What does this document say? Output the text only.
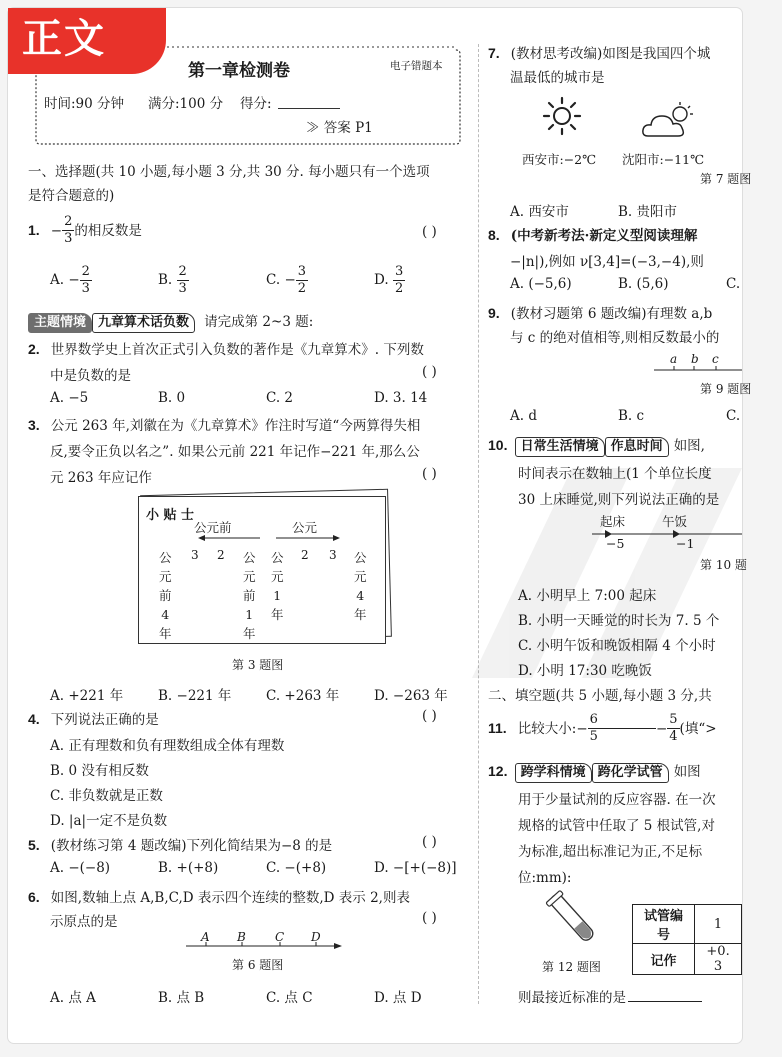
正文
第一章检测卷	电子错题本
时间:90 分钟 满分:100 分 得分:
≫ 答案 P1
一、选择题(共 10 小题,每小题 3 分,共 30 分. 每小题只有一个选项
是符合题意的)
1. − $\frac{2}{3}$ 的相反数是	( )
A. − $\frac{2}{3}$	B. $\frac{2}{3}$	C. − $\frac{3}{2}$	D. $\frac{3}{2}$
主题情境 九章算术话负数 请完成第 2~3 题:
2. 世界数学史上首次正式引入负数的著作是《九章算术》. 下列数
中是负数的是	( )
A. −5	B. 0	C. 2	D. 3. 14
3. 公元 263 年,刘徽在为《九章算术》作注时写道“今两算得失相
反,要令正负以名之”. 如果公元前 221 年记作−221 年,那么公
元 263 年应记作	( )
小 贴 士
公元前	公元
3 2	2 3
公
元
前
4
年
公
元
前
1
年
公
元
1
年
公
元
4
年
第 3 题图
A. +221 年	B. −221 年	C. +263 年	D. −263 年
4. 下列说法正确的是	( )
A. 正有理数和负有理数组成全体有理数
B. 0 没有相反数
C. 非负数就是正数
D. |a|一定不是负数
5. (教材练习第 4 题改编)下列化简结果为−8 的是	( )
A. −(−8)	B. +(+8)	C. −(+8)	D. −[+(−8)]
6. 如图,数轴上点 A,B,C,D 表示四个连续的整数,D 表示 2,则表
示原点的是	( )
A B C D
第 6 题图
A. 点 A	B. 点 B	C. 点 C	D. 点 D
7. (教材思考改编)如图是我国四个城
温最低的城市是
西安市:−2℃ 沈阳市:−11℃
第 7 题图
A. 西安市	B. 贵阳市
8. (中考新考法·新定义型阅读理解
−|n|),例如 ν[3,4]=(−3,−4),则
A. (−5,6)	B. (5,6)	C.
9. (教材习题第 6 题改编)有理数 a,b
与 c 的绝对值相等,则相反数最小的
a b c
第 9 题图
A. d	B. c	C.
10. 日常生活情境 作息时间 如图,
时间表示在数轴上(1 个单位长度
30 上床睡觉,则下列说法正确的是
起床	午饭
−5	−1
第 10 题
A. 小明早上 7:00 起床
B. 小明一天睡觉的时长为 7. 5 个
C. 小明午饭和晚饭相隔 4 个小时
D. 小明 17:30 吃晚饭
二、填空题(共 5 小题,每小题 3 分,共
11. 比较大小:− $\frac{6}{5}$	− $\frac{5}{4}$ (填“>
12. 跨学科情境 跨化学试管 如图
用于少量试剂的反应容器. 在一次
规格的试管中任取了 5 根试管,对
为标准,超出标准记为正,不足标
位:mm):
第 12 题图
试管编号	1
记作	+0. 3
则最接近标准的是
